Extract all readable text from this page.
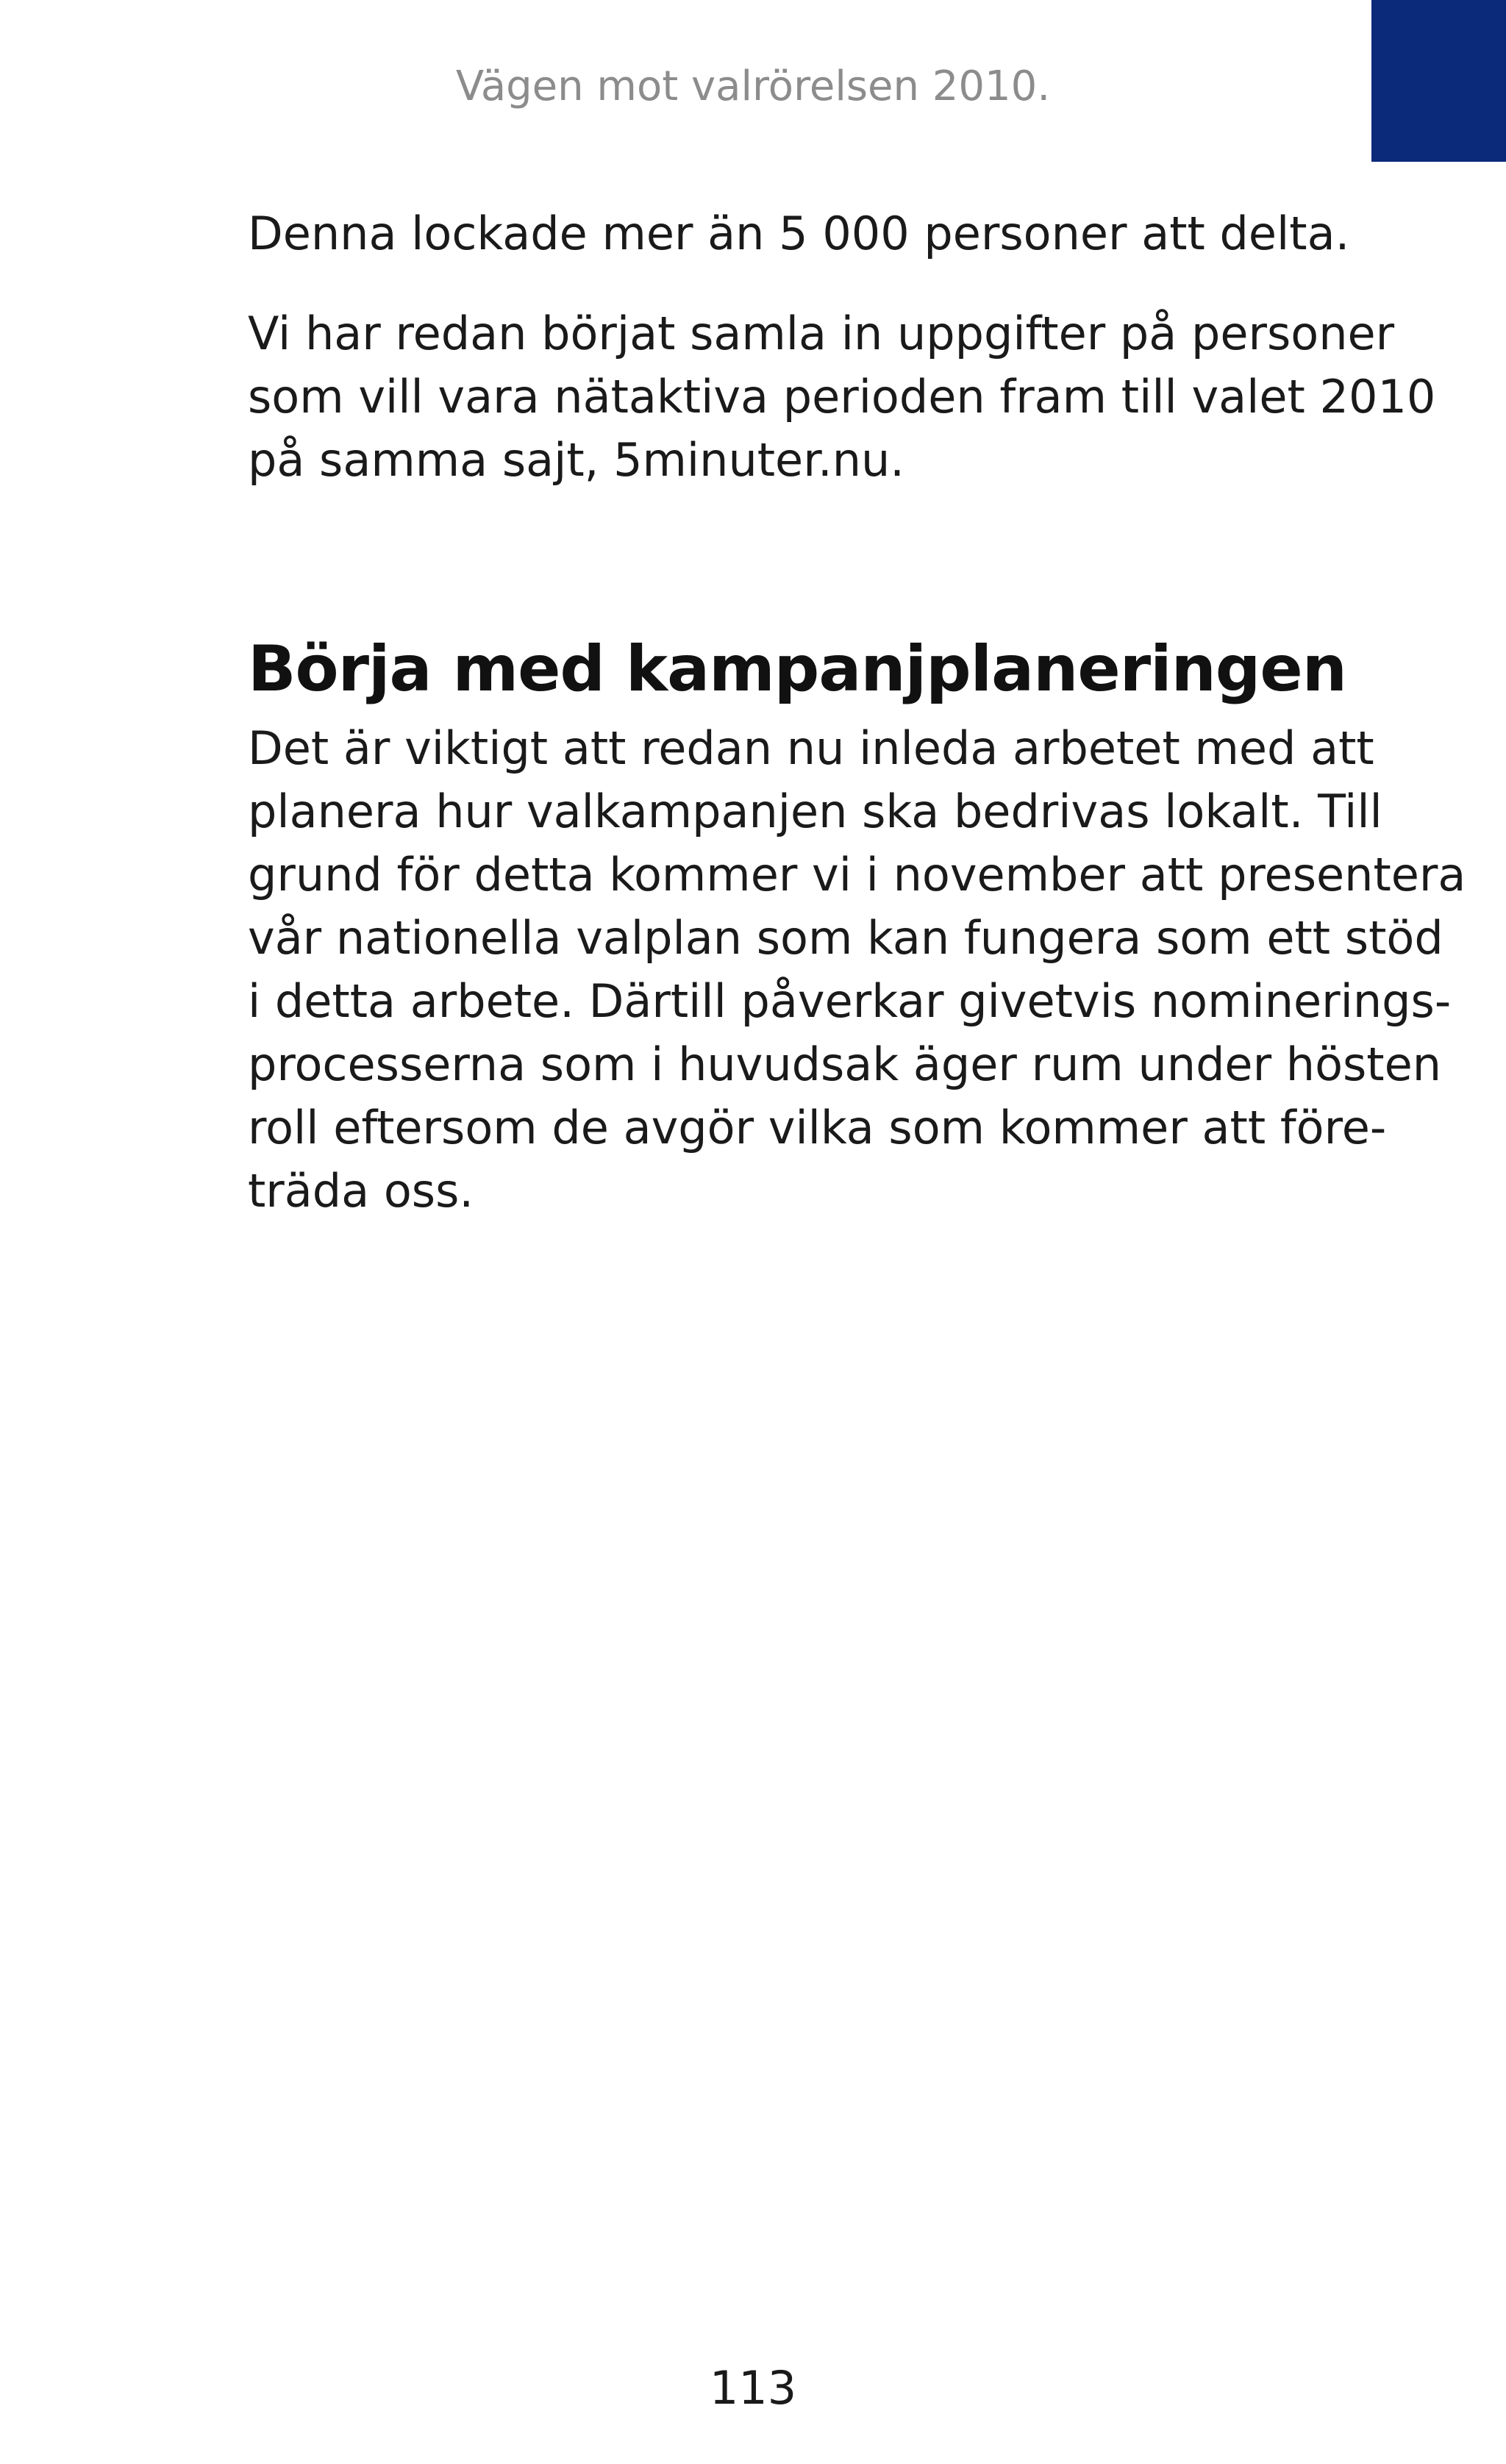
Vägen mot valrörelsen 2010.

Denna lockade mer än 5 000 personer att delta.

Vi har redan börjat samla in uppgifter på personer
som vill vara nätaktiva perioden fram till valet 2010
på samma sajt, 5minuter.nu.

Börja med kampanjplaneringen

Det är viktigt att redan nu inleda arbetet med att
planera hur valkampanjen ska bedrivas lokalt. Till
grund för detta kommer vi i november att presentera
vår nationella valplan som kan fungera som ett stöd
i detta arbete. Därtill påverkar givetvis nominerings-
processerna som i huvudsak äger rum under hösten
roll eftersom de avgör vilka som kommer att före-
träda oss.

113
